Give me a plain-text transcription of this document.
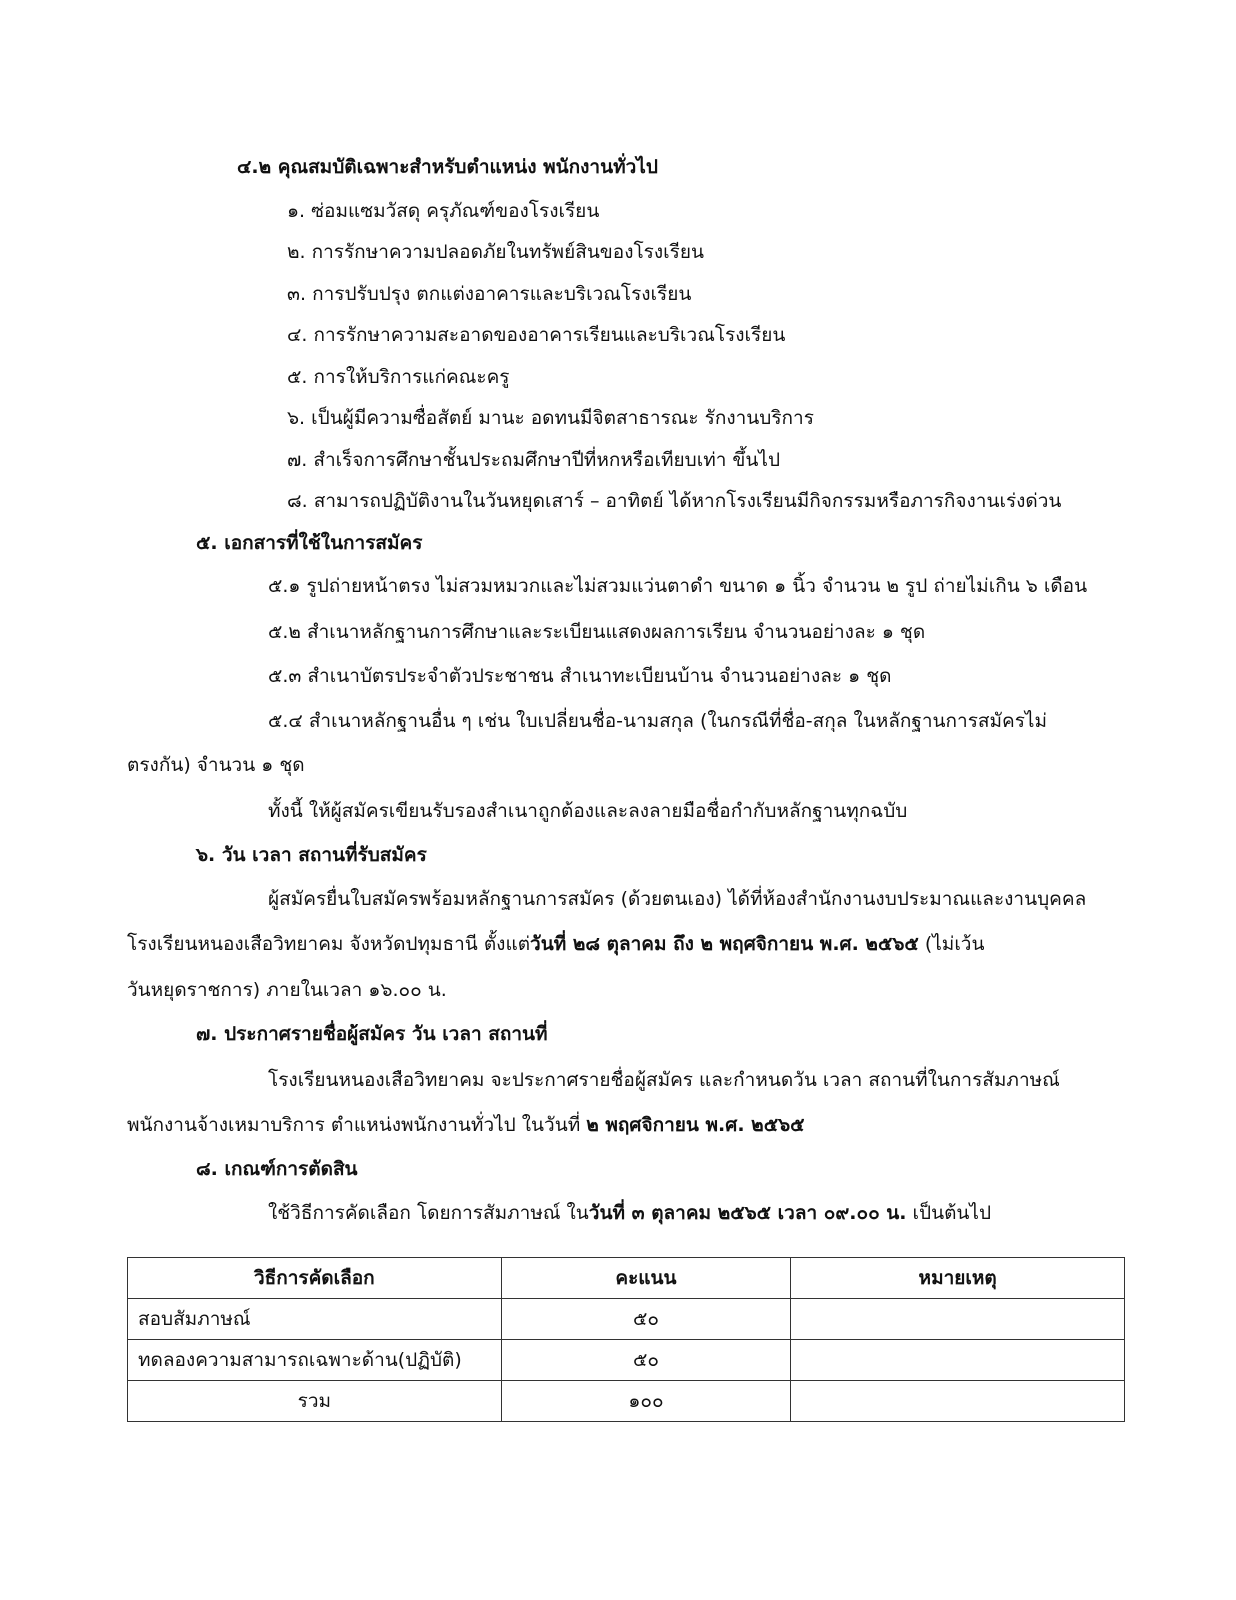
๔.๒ คุณสมบัติเฉพาะสำหรับตำแหน่ง พนักงานทั่วไป
๑. ซ่อมแซมวัสดุ ครุภัณฑ์ของโรงเรียน
๒. การรักษาความปลอดภัยในทรัพย์สินของโรงเรียน
๓. การปรับปรุง ตกแต่งอาคารและบริเวณโรงเรียน
๔. การรักษาความสะอาดของอาคารเรียนและบริเวณโรงเรียน
๕. การให้บริการแก่คณะครู
๖. เป็นผู้มีความซื่อสัตย์ มานะ อดทนมีจิตสาธารณะ รักงานบริการ
๗. สำเร็จการศึกษาชั้นประถมศึกษาปีที่หกหรือเทียบเท่า ขึ้นไป
๘. สามารถปฏิบัติงานในวันหยุดเสาร์ – อาทิตย์ ได้หากโรงเรียนมีกิจกรรมหรือภารกิจงานเร่งด่วน
๕. เอกสารที่ใช้ในการสมัคร
๕.๑ รูปถ่ายหน้าตรง ไม่สวมหมวกและไม่สวมแว่นตาดำ ขนาด ๑ นิ้ว จำนวน ๒ รูป ถ่ายไม่เกิน ๖ เดือน
๕.๒ สำเนาหลักฐานการศึกษาและระเบียนแสดงผลการเรียน จำนวนอย่างละ ๑ ชุด
๕.๓ สำเนาบัตรประจำตัวประชาชน สำเนาทะเบียนบ้าน จำนวนอย่างละ ๑ ชุด
๕.๔ สำเนาหลักฐานอื่น ๆ เช่น ใบเปลี่ยนชื่อ-นามสกุล (ในกรณีที่ชื่อ-สกุล ในหลักฐานการสมัครไม่
ตรงกัน) จำนวน ๑ ชุด
ทั้งนี้ ให้ผู้สมัครเขียนรับรองสำเนาถูกต้องและลงลายมือชื่อกำกับหลักฐานทุกฉบับ
๖. วัน เวลา สถานที่รับสมัคร
ผู้สมัครยื่นใบสมัครพร้อมหลักฐานการสมัคร (ด้วยตนเอง) ได้ที่ห้องสำนักงานงบประมาณและงานบุคคล
โรงเรียนหนองเสือวิทยาคม จังหวัดปทุมธานี ตั้งแต่วันที่ ๒๘ ตุลาคม ถึง ๒ พฤศจิกายน พ.ศ. ๒๕๖๕ (ไม่เว้น
วันหยุดราชการ) ภายในเวลา ๑๖.๐๐ น.
๗. ประกาศรายชื่อผู้สมัคร วัน เวลา สถานที่
โรงเรียนหนองเสือวิทยาคม จะประกาศรายชื่อผู้สมัคร และกำหนดวัน เวลา สถานที่ในการสัมภาษณ์
พนักงานจ้างเหมาบริการ ตำแหน่งพนักงานทั่วไป ในวันที่ ๒ พฤศจิกายน พ.ศ. ๒๕๖๕
๘. เกณฑ์การตัดสิน
ใช้วิธีการคัดเลือก โดยการสัมภาษณ์ ในวันที่ ๓ ตุลาคม ๒๕๖๕ เวลา ๐๙.๐๐ น. เป็นต้นไป
วิธีการคัดเลือก	คะแนน	หมายเหตุ
สอบสัมภาษณ์	๕๐	
ทดลองความสามารถเฉพาะด้าน(ปฏิบัติ)	๕๐	
รวม	๑๐๐	
